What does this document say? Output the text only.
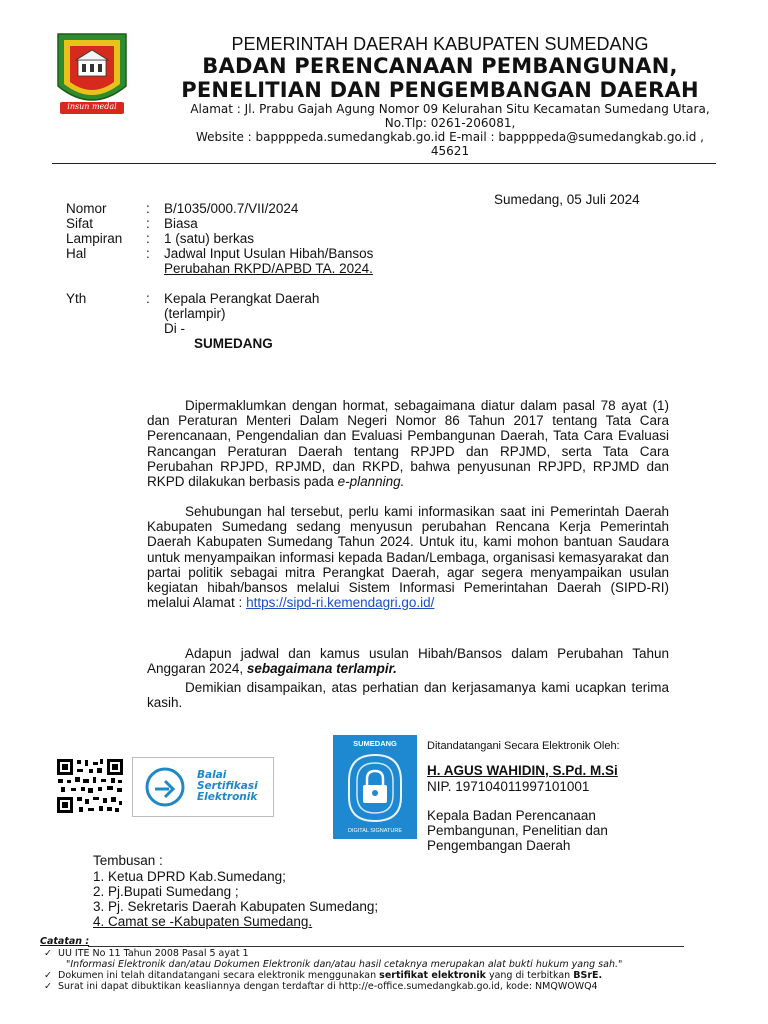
insun medal
PEMERINTAH DAERAH KABUPATEN SUMEDANG
BADAN PERENCANAAN PEMBANGUNAN,
PENELITIAN DAN PENGEMBANGAN DAERAH
Alamat : Jl. Prabu Gajah Agung Nomor 09 Kelurahan Situ Kecamatan Sumedang Utara,
No.Tlp: 0261-206081,
Website : bappppeda.sumedangkab.go.id E-mail : bappppeda@sumedangkab.go.id ,
45621
Sumedang, 05 Juli 2024
Nomor	: B/1035/000.7/VII/2024
Sifat	: Biasa
Lampiran	: 1 (satu) berkas
Hal	: Jadwal Input Usulan Hibah/Bansos
Perubahan RKPD/APBD TA. 2024.
Yth	: Kepala Perangkat Daerah
(terlampir)
Di -
SUMEDANG
Dipermaklumkan dengan hormat, sebagaimana diatur dalam pasal 78 ayat (1) dan Peraturan Menteri Dalam Negeri Nomor 86 Tahun 2017 tentang Tata Cara Perencanaan, Pengendalian dan Evaluasi Pembangunan Daerah, Tata Cara Evaluasi Rancangan Peraturan Daerah tentang RPJPD dan RPJMD, serta Tata Cara Perubahan RPJPD, RPJMD, dan RKPD, bahwa penyusunan RPJPD, RPJMD dan RKPD dilakukan berbasis pada e-planning.
Sehubungan hal tersebut, perlu kami informasikan saat ini Pemerintah Daerah Kabupaten Sumedang sedang menyusun perubahan Rencana Kerja Pemerintah Daerah Kabupaten Sumedang Tahun 2024. Untuk itu, kami mohon bantuan Saudara untuk menyampaikan informasi kepada Badan/Lembaga, organisasi kemasyarakat dan partai politik sebagai mitra Perangkat Daerah, agar segera menyampaikan usulan kegiatan hibah/bansos melalui Sistem Informasi Pemerintahan Daerah (SIPD-RI) melalui Alamat : https://sipd-ri.kemendagri.go.id/
Adapun jadwal dan kamus usulan Hibah/Bansos dalam Perubahan Tahun Anggaran 2024, sebagaimana terlampir.
Demikian disampaikan, atas perhatian dan kerjasamanya kami ucapkan terima kasih.
Balai
Sertifikasi
Elektronik
SUMEDANG
DIGITAL SIGNATURE
Ditandatangani Secara Elektronik Oleh:
H. AGUS WAHIDIN, S.Pd. M.Si
NIP. 197104011997101001
Kepala Badan Perencanaan
Pembangunan, Penelitian dan
Pengembangan Daerah
Tembusan :
1. Ketua DPRD Kab.Sumedang;
2. Pj.Bupati Sumedang ;
3. Pj. Sekretaris Daerah Kabupaten Sumedang;
4. Camat se -Kabupaten Sumedang.
Catatan :
✓ UU ITE No 11 Tahun 2008 Pasal 5 ayat 1
"Informasi Elektronik dan/atau Dokumen Elektronik dan/atau hasil cetaknya merupakan alat bukti hukum yang sah."
✓ Dokumen ini telah ditandatangani secara elektronik menggunakan sertifikat elektronik yang di terbitkan BSrE.
✓ Surat ini dapat dibuktikan keasliannya dengan terdaftar di http://e-office.sumedangkab.go.id, kode: NMQWOWQ4
